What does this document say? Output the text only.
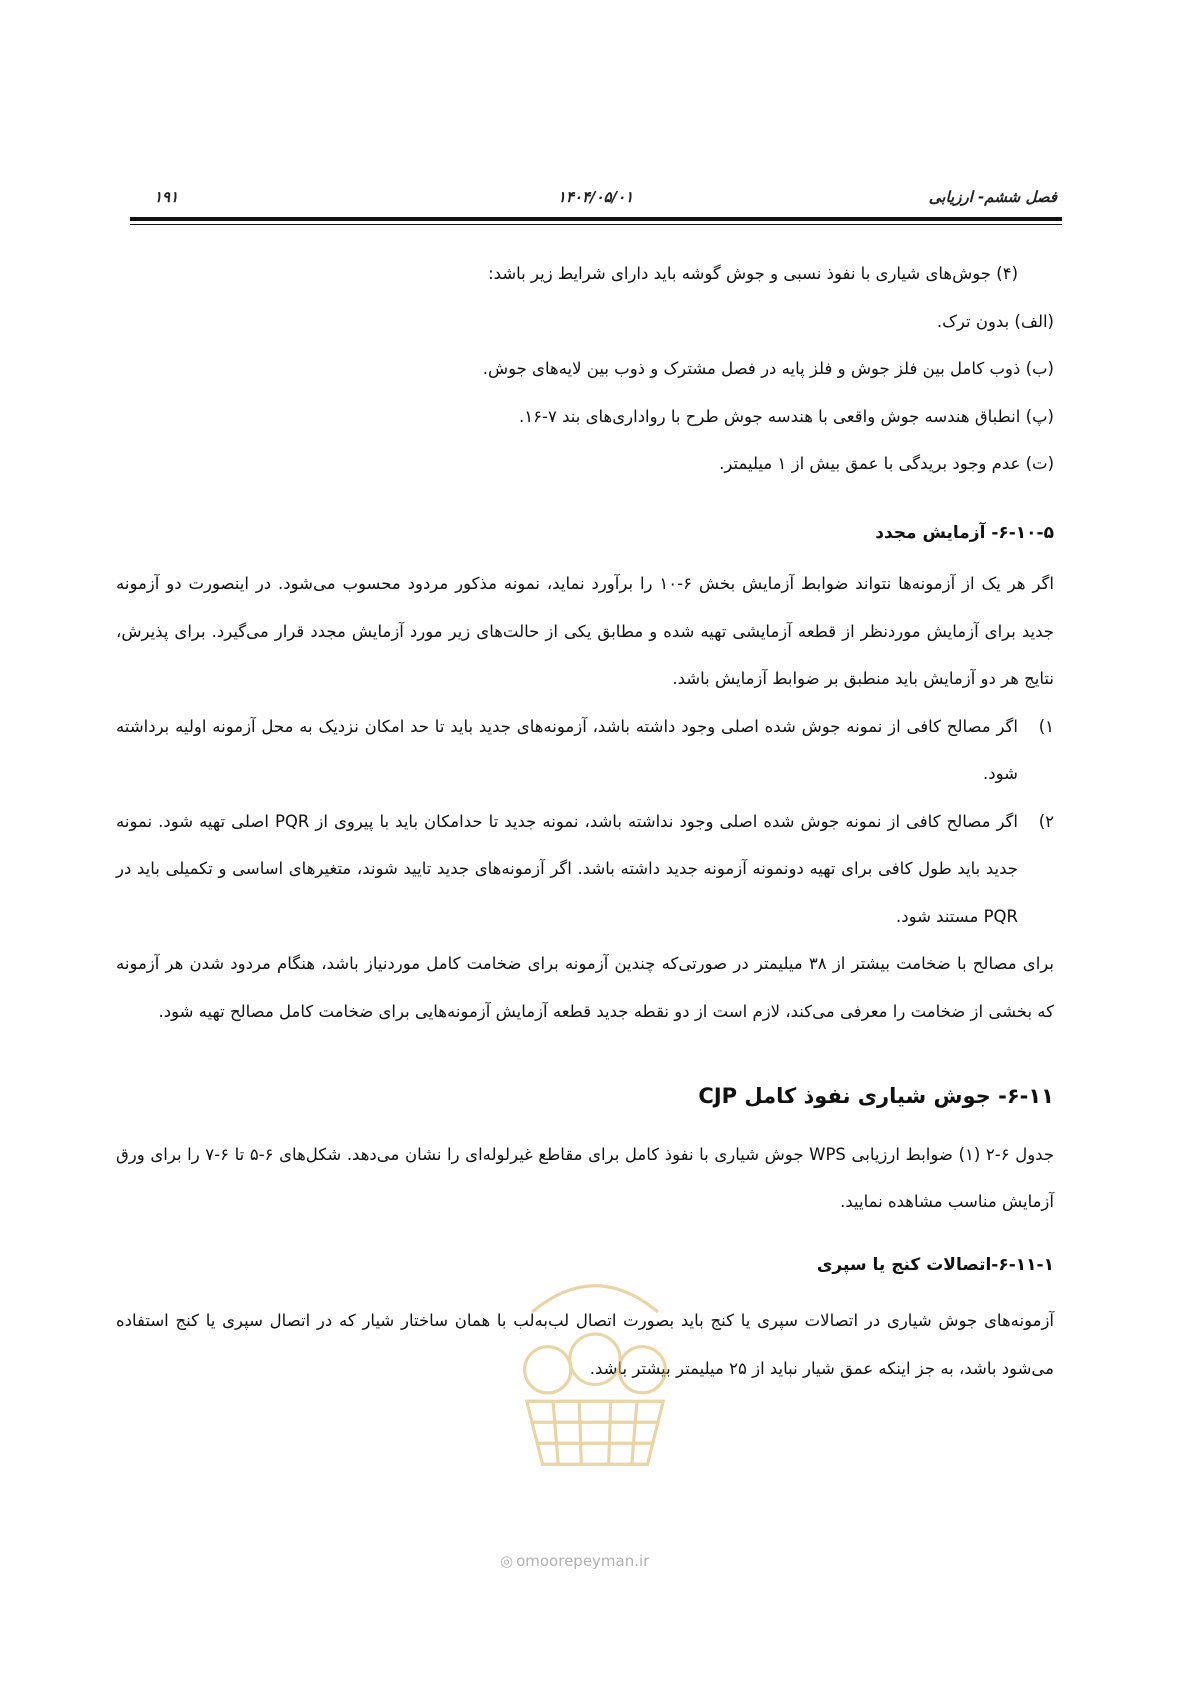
فصل ششم- ارزیابی
۱۴۰۴/۰۵/۰۱
۱۹۱

(۴) جوش‌های شیاری با نفوذ نسبی و جوش گوشه باید دارای شرایط زیر باشد:

(الف) بدون ترک.

(ب) ذوب کامل بین فلز جوش و فلز پایه در فصل مشترک و ذوب بین لایه‌های جوش.

(پ) انطباق هندسه جوش واقعی با هندسه جوش طرح با رواداری‌های بند ۷-۱۶.

(ت) عدم وجود بریدگی با عمق بیش از ۱ میلیمتر.

۶-۱۰-۵- آزمایش مجدد

اگر هر یک از آزمونه‌ها نتواند ضوابط آزمایش بخش ۶-۱۰ را برآورد نماید، نمونه مذکور مردود محسوب می‌شود. در اینصورت دو آزمونه جدید برای آزمایش موردنظر از قطعه آزمایشی تهیه شده و مطابق یکی از حالت‌های زیر مورد آزمایش مجدد قرار می‌گیرد. برای پذیرش، نتایج هر دو آزمایش باید منطبق بر ضوابط آزمایش باشد.

۱)
اگر مصالح کافی از نمونه جوش شده اصلی وجود داشته باشد، آزمونه‌های جدید باید تا حد امکان نزدیک به محل آزمونه اولیه برداشته شود.
۲)
اگر مصالح کافی از نمونه جوش شده اصلی وجود نداشته باشد، نمونه جدید تا حدامکان باید با پیروی از PQR اصلی تهیه شود. نمونه جدید باید طول کافی برای تهیه دونمونه آزمونه جدید داشته باشد. اگر آزمونه‌های جدید تایید شوند، متغیرهای اساسی و تکمیلی باید در PQR مستند شود.

برای مصالح با ضخامت بیشتر از ۳۸ میلیمتر در صورتی‌که چندین آزمونه برای ضخامت کامل موردنیاز باشد، هنگام مردود شدن هر آزمونه که بخشی از ضخامت را معرفی می‌کند، لازم است از دو نقطه جدید قطعه آزمایش آزمونه‌هایی برای ضخامت کامل مصالح تهیه شود.

۶-۱۱- جوش شیاری نفوذ کامل CJP

جدول ۶-۲ (۱) ضوابط ارزیابی WPS جوش شیاری با نفوذ کامل برای مقاطع غیرلوله‌ای را نشان می‌دهد. شکل‌های ۶-۵ تا ۶-۷ را برای ورق آزمایش مناسب مشاهده نمایید.

۶-۱۱-۱-اتصالات کنج یا سپری

آزمونه‌های جوش شیاری در اتصالات سپری یا کنج باید بصورت اتصال لب‌به‌لب با همان ساختار شیار که در اتصال سپری یا کنج استفاده می‌شود باشد، به جز اینکه عمق شیار نباید از ۲۵ میلیمتر بیشتر باشد.

◎ omoorepeyman.ir
